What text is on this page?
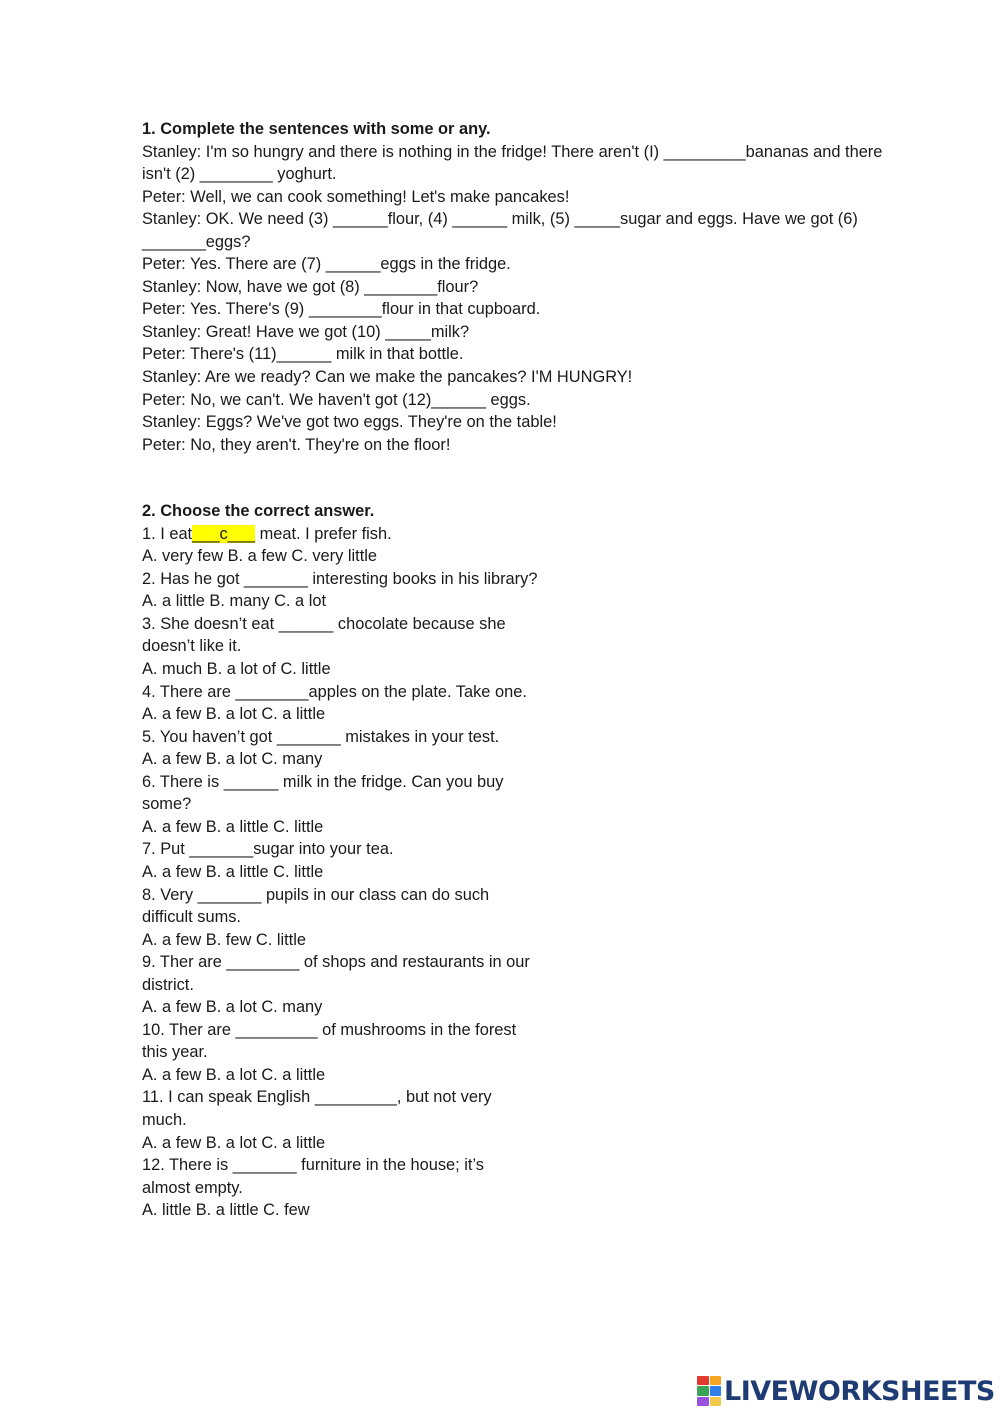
1. Complete the sentences with some or any.
Stanley: I'm so hungry and there is nothing in the fridge! There aren't (I) _________bananas and there
isn't (2) ________ yoghurt.
Peter: Well, we can cook something! Let's make pancakes!
Stanley: OK. We need (3) ______flour, (4) ______ milk, (5) _____sugar and eggs. Have we got (6)
_______eggs?
Peter: Yes. There are (7) ______eggs in the fridge.
Stanley: Now, have we got (8) ________flour?
Peter: Yes. There's (9) ________flour in that cupboard.
Stanley: Great! Have we got (10) _____milk?
Peter: There's (11)______ milk in that bottle.
Stanley: Are we ready? Can we make the pancakes? I'M HUNGRY!
Peter: No, we can't. We haven't got (12)______ eggs.
Stanley: Eggs? We've got two eggs. They're on the table!
Peter: No, they aren't. They're on the floor!
2. Choose the correct answer.
1. I eat___c___ meat. I prefer fish.
A. very few B. a few C. very little
2. Has he got _______ interesting books in his library?
A. a little B. many C. a lot
3. She doesn’t eat ______ chocolate because she
doesn’t like it.
A. much B. a lot of C. little
4. There are ________apples on the plate. Take one.
A. a few B. a lot C. a little
5. You haven’t got _______ mistakes in your test.
A. a few B. a lot C. many
6. There is ______ milk in the fridge. Can you buy
some?
A. a few B. a little C. little
7. Put _______sugar into your tea.
A. a few B. a little C. little
8. Very _______ pupils in our class can do such
difficult sums.
A. a few B. few C. little
9. Ther are ________ of shops and restaurants in our
district.
A. a few B. a lot C. many
10. Ther are _________ of mushrooms in the forest
this year.
A. a few B. a lot C. a little
11. I can speak English _________, but not very
much.
A. a few B. a lot C. a little
12. There is _______ furniture in the house; it’s
almost empty.
A. little B. a little C. few
LIVEWORKSHEETS
